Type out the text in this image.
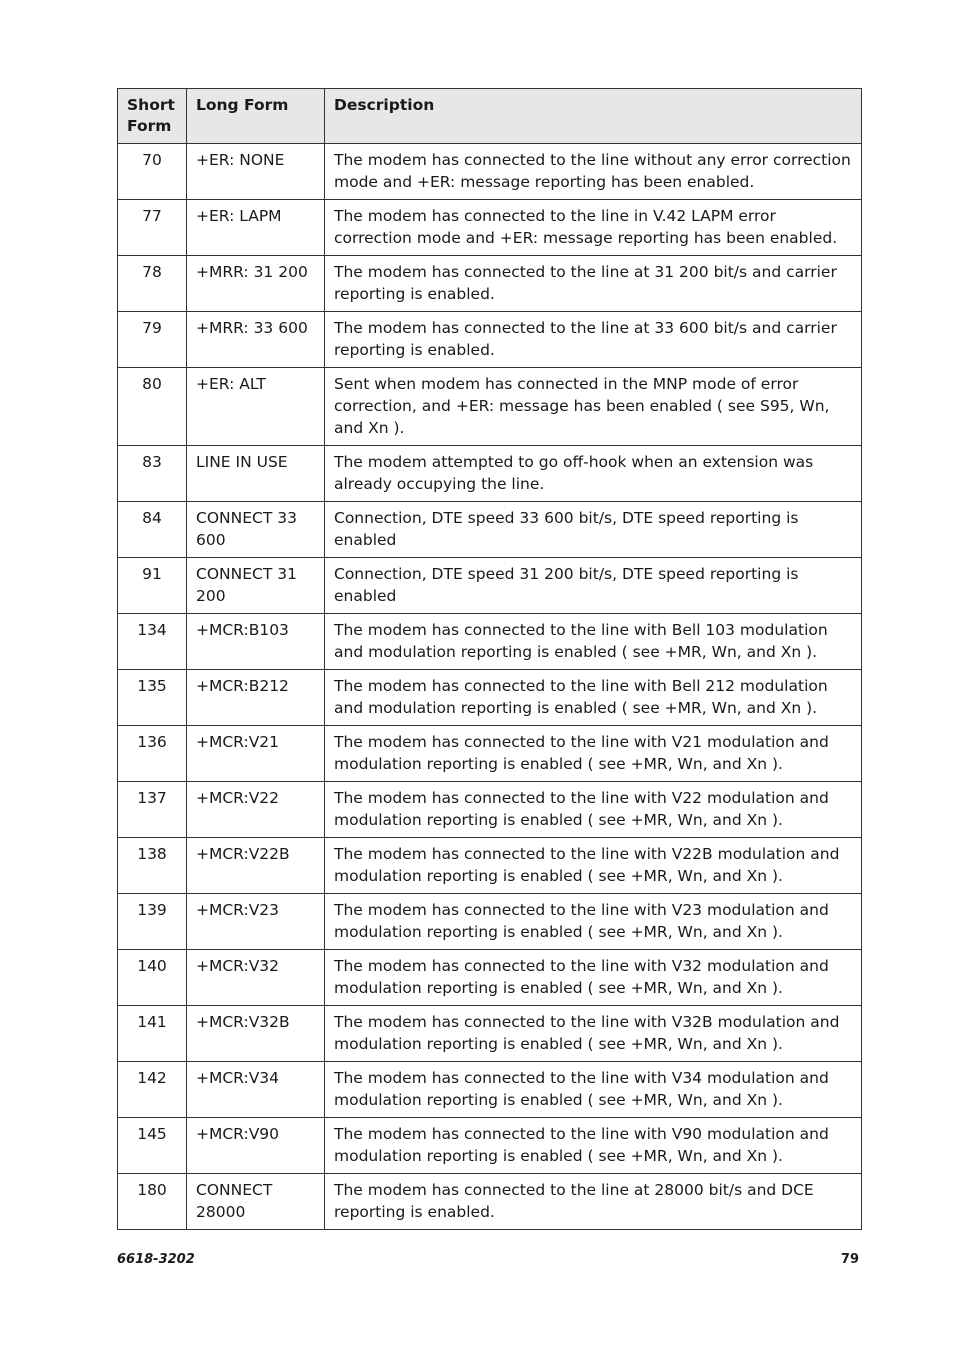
Short Form	Long Form	Description
70	+ER: NONE	The modem has connected to the line without any error correction mode and +ER: message reporting has been enabled.
77	+ER: LAPM	The modem has connected to the line in V.42 LAPM error correction mode and +ER: message reporting has been enabled.
78	+MRR: 31 200	The modem has connected to the line at 31 200 bit/s and carrier reporting is enabled.
79	+MRR: 33 600	The modem has connected to the line at 33 600 bit/s and carrier reporting is enabled.
80	+ER: ALT	Sent when modem has connected in the MNP mode of error correction, and +ER: message has been enabled ( see S95, Wn, and Xn ).
83	LINE IN USE	The modem attempted to go off-hook when an extension was already occupying the line.
84	CONNECT 33 600	Connection, DTE speed 33 600 bit/s, DTE speed reporting is enabled
91	CONNECT 31 200	Connection, DTE speed 31 200 bit/s, DTE speed reporting is enabled
134	+MCR:B103	The modem has connected to the line with Bell 103 modulation and modulation reporting is enabled ( see +MR, Wn, and Xn ).
135	+MCR:B212	The modem has connected to the line with Bell 212 modulation and modulation reporting is enabled ( see +MR, Wn, and Xn ).
136	+MCR:V21	The modem has connected to the line with V21 modulation and modulation reporting is enabled ( see +MR, Wn, and Xn ).
137	+MCR:V22	The modem has connected to the line with V22 modulation and modulation reporting is enabled ( see +MR, Wn, and Xn ).
138	+MCR:V22B	The modem has connected to the line with V22B modulation and modulation reporting is enabled ( see +MR, Wn, and Xn ).
139	+MCR:V23	The modem has connected to the line with V23 modulation and modulation reporting is enabled ( see +MR, Wn, and Xn ).
140	+MCR:V32	The modem has connected to the line with V32 modulation and modulation reporting is enabled ( see +MR, Wn, and Xn ).
141	+MCR:V32B	The modem has connected to the line with V32B modulation and modulation reporting is enabled ( see +MR, Wn, and Xn ).
142	+MCR:V34	The modem has connected to the line with V34 modulation and modulation reporting is enabled ( see +MR, Wn, and Xn ).
145	+MCR:V90	The modem has connected to the line with V90 modulation and modulation reporting is enabled ( see +MR, Wn, and Xn ).
180	CONNECT 28000	The modem has connected to the line at 28000 bit/s and DCE reporting is enabled.
6618-3202	79
